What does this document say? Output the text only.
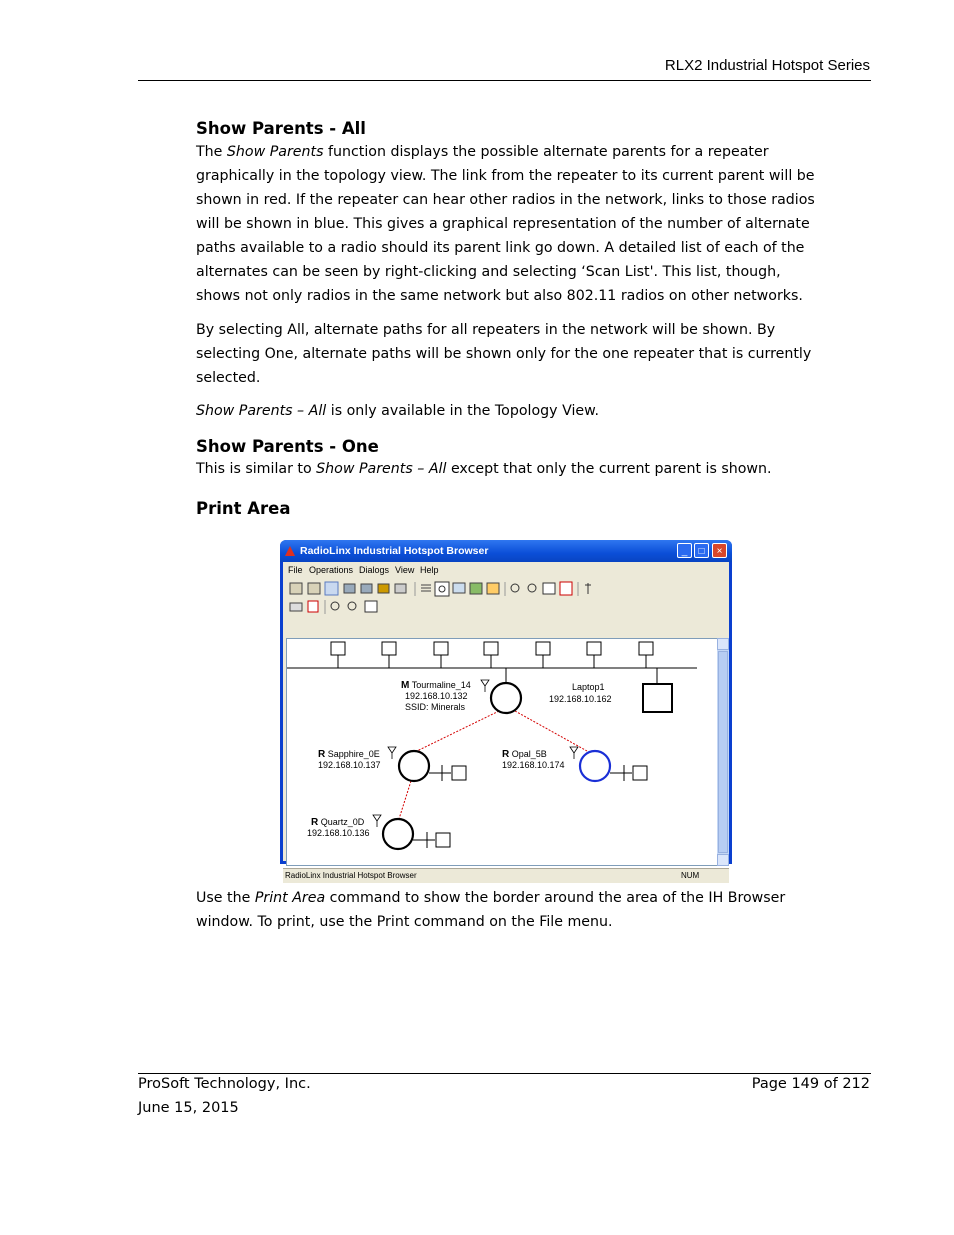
RLX2 Industrial Hotspot Series
Show Parents - All

The Show Parents function displays the possible alternate parents for a repeater graphically in the topology view. The link from the repeater to its current parent will be shown in red. If the repeater can hear other radios in the network, links to those radios will be shown in blue. This gives a graphical representation of the number of alternate paths available to a radio should its parent link go down. A detailed list of each of the alternates can be seen by right-clicking and selecting ‘Scan List'. This list, though, shows not only radios in the same network but also 802.11 radios on other networks.

By selecting All, alternate paths for all repeaters in the network will be shown. By selecting One, alternate paths will be shown only for the one repeater that is currently selected.

Show Parents – All is only available in the Topology View.

Show Parents - One

This is similar to Show Parents – All except that only the current parent is shown.

Print Area
RadioLinx Industrial Hotspot Browser	_	□	×
File Operations Dialogs View Help
M Tourmaline_14
192.168.10.132
SSID: Minerals
Laptop1
192.168.10.162
R Sapphire_0E
192.168.10.137
R Opal_5B
192.168.10.174
R Quartz_0D
192.168.10.136
RadioLinx Industrial Hotspot Browser	NUM

Use the Print Area command to show the border around the area of the IH Browser window. To print, use the Print command on the File menu.

ProSoft Technology, Inc.
June 15, 2015
Page 149 of 212
